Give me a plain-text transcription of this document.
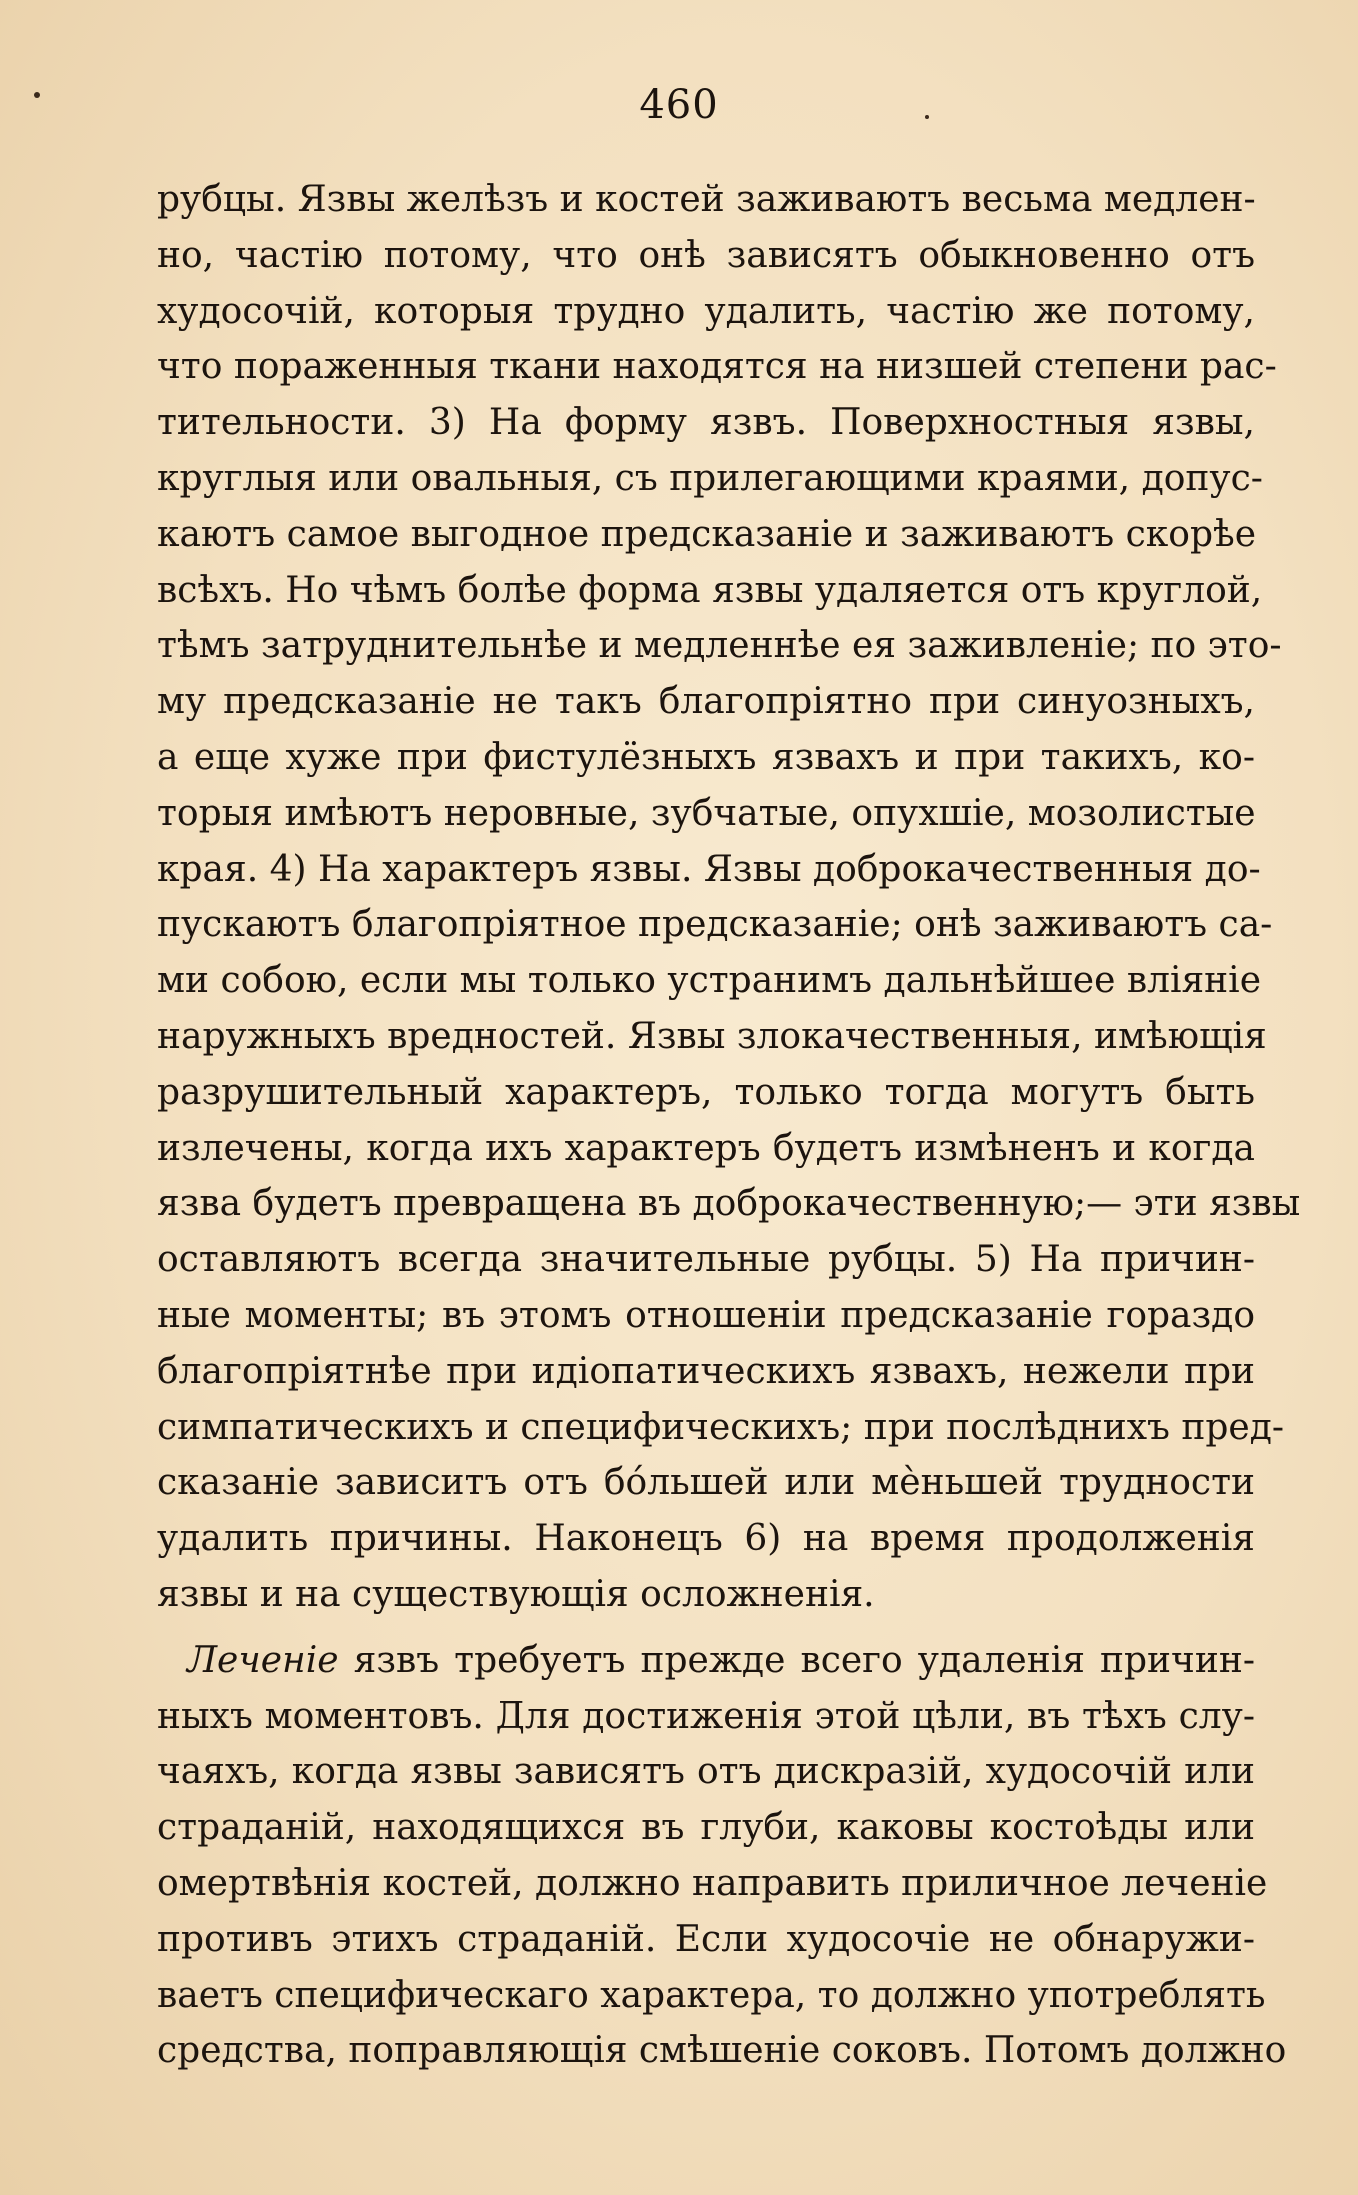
460
рубцы. Язвы желѣзъ и костей заживаютъ весьма медлен-
но, частію потому, что онѣ зависятъ обыкновенно отъ
худосочій, которыя трудно удалить, частію же потому,
что пораженныя ткани находятся на низшей степени рас-
тительности. 3) На форму язвъ. Поверхностныя язвы,
круглыя или овальныя, съ прилегающими краями, допус-
каютъ самое выгодное предсказаніе и заживаютъ скорѣе
всѣхъ. Но чѣмъ болѣе форма язвы удаляется отъ круглой,
тѣмъ затруднительнѣе и медленнѣе ея заживленіе; по это-
му предсказаніе не такъ благопріятно при синуозныхъ,
а еще хуже при фистулёзныхъ язвахъ и при такихъ, ко-
торыя имѣютъ неровные, зубчатые, опухшіе, мозолистые
края. 4) На характеръ язвы. Язвы доброкачественныя до-
пускаютъ благопріятное предсказаніе; онѣ заживаютъ са-
ми собою, если мы только устранимъ дальнѣйшее вліяніе
наружныхъ вредностей. Язвы злокачественныя, имѣющія
разрушительный характеръ, только тогда могутъ быть
излечены, когда ихъ характеръ будетъ измѣненъ и когда
язва будетъ превращена въ доброкачественную;— эти язвы
оставляютъ всегда значительные рубцы. 5) На причин-
ные моменты; въ этомъ отношеніи предсказаніе гораздо
благопріятнѣе при идіопатическихъ язвахъ, нежели при
симпатическихъ и специфическихъ; при послѣднихъ пред-
сказаніе зависитъ отъ бо́льшей или мѐньшей трудности
удалить причины. Наконецъ 6) на время продолженія
язвы и на существующія осложненія.
Леченіе язвъ требуетъ прежде всего удаленія причин-
ныхъ моментовъ. Для достиженія этой цѣли, въ тѣхъ слу-
чаяхъ, когда язвы зависятъ отъ дискразій, худосочій или
страданій, находящихся въ глуби, каковы костоѣды или
омертвѣнія костей, должно направить приличное леченіе
противъ этихъ страданій. Если худосочіе не обнаружи-
ваетъ специфическаго характера, то должно употреблять
средства, поправляющія смѣшеніе соковъ. Потомъ должно
